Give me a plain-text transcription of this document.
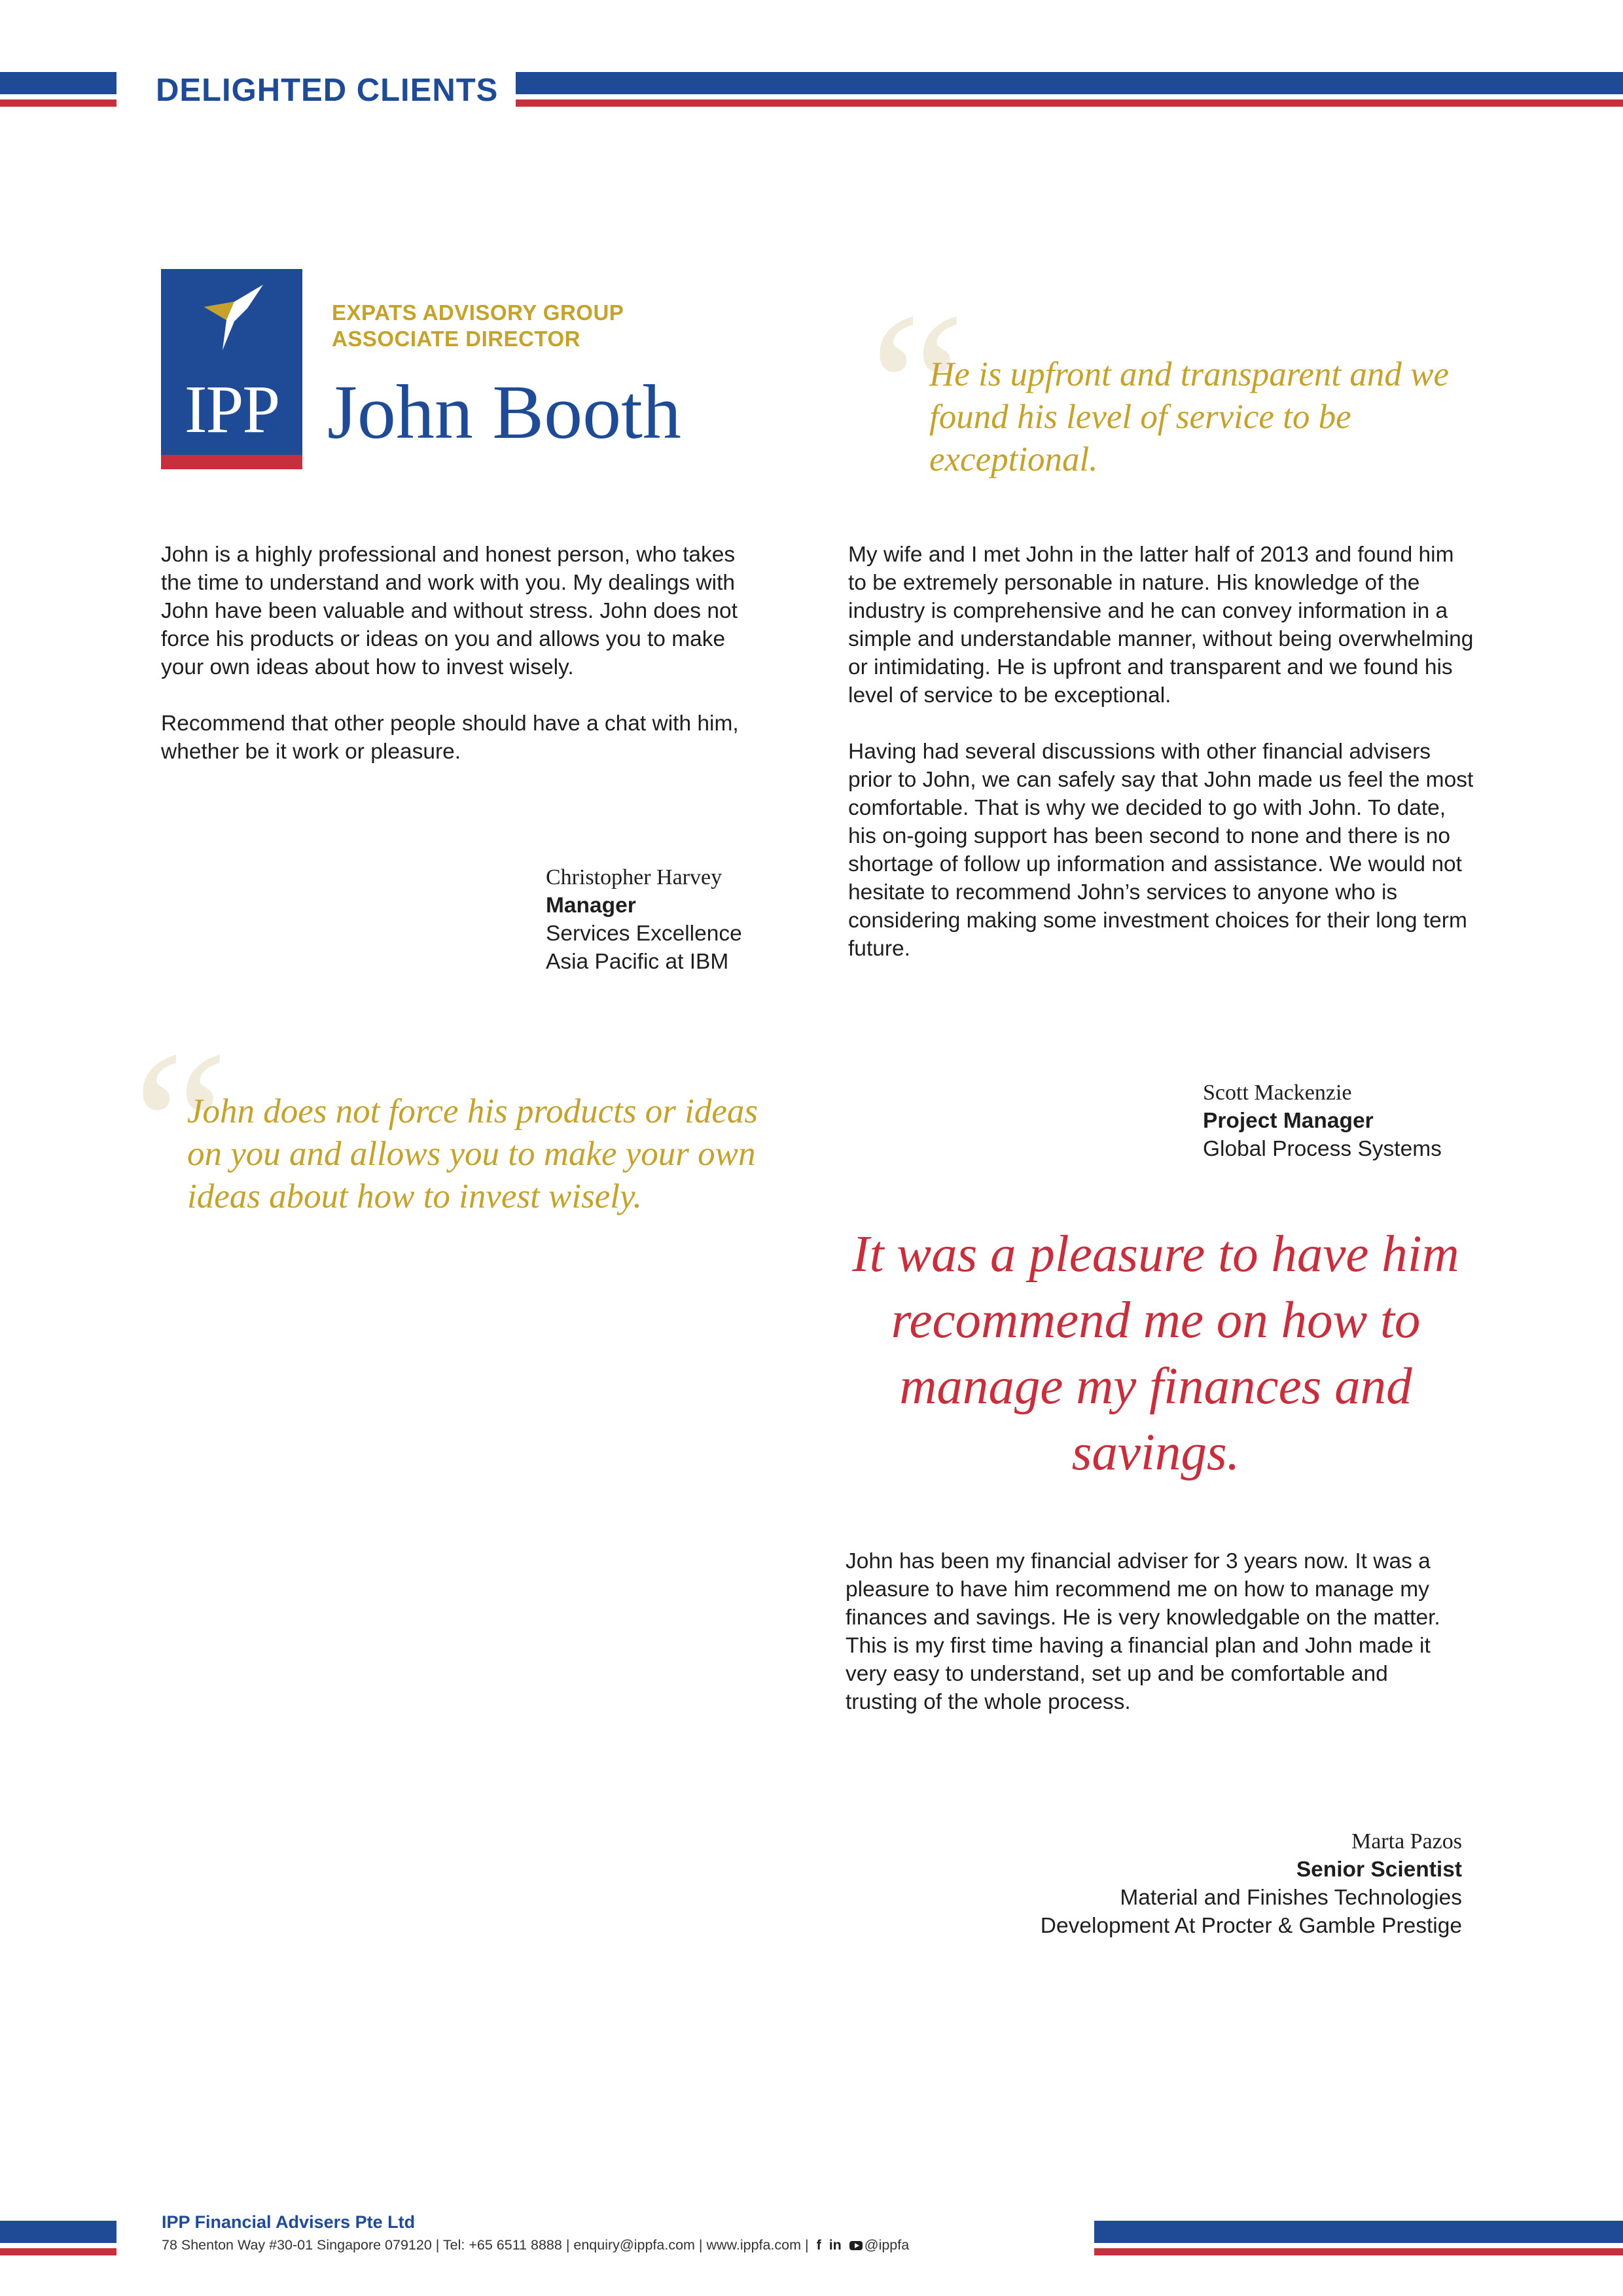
DELIGHTED CLIENTS
IPP
EXPATS ADVISORY GROUP
ASSOCIATE DIRECTOR
John Booth “
He is upfront and transparent and we found his level of service to be exceptional.

John is a highly professional and honest person, who takes the time to understand and work with you. My dealings with John have been valuable and without stress. John does not force his products or ideas on you and allows you to make your own ideas about how to invest wisely.

Recommend that other people should have a chat with him, whether be it work or pleasure.

Christopher Harvey
Manager
Services Excellence
Asia Pacific at IBM

My wife and I met John in the latter half of 2013 and found him to be extremely personable in nature. His knowledge of the industry is comprehensive and he can convey information in a simple and understandable manner, without being overwhelming or intimidating. He is upfront and transparent and we found his level of service to be exceptional.

Having had several discussions with other financial advisers prior to John, we can safely say that John made us feel the most comfortable. That is why we decided to go with John. To date, his on-going support has been second to none and there is no shortage of follow up information and assistance. We would not hesitate to recommend John’s services to anyone who is considering making some investment choices for their long term future.

Scott Mackenzie
Project Manager
Global Process Systems
“
John does not force his products or ideas on you and allows you to make your own ideas about how to invest wisely.
It was a pleasure to have him recommend me on how to manage my finances and savings.

John has been my financial adviser for 3 years now. It was a pleasure to have him recommend me on how to manage my finances and savings. He is very knowledgable on the matter. This is my first time having a financial plan and John made it very easy to understand, set up and be comfortable and trusting of the whole process.

Marta Pazos
Senior Scientist
Material and Finishes Technologies
Development At Procter & Gamble Prestige
IPP Financial Advisers Pte Ltd
78 Shenton Way #30-01 Singapore 079120 | Tel: +65 6511 8888 | enquiry@ippfa.com | www.ippfa.com | f in @ippfa
